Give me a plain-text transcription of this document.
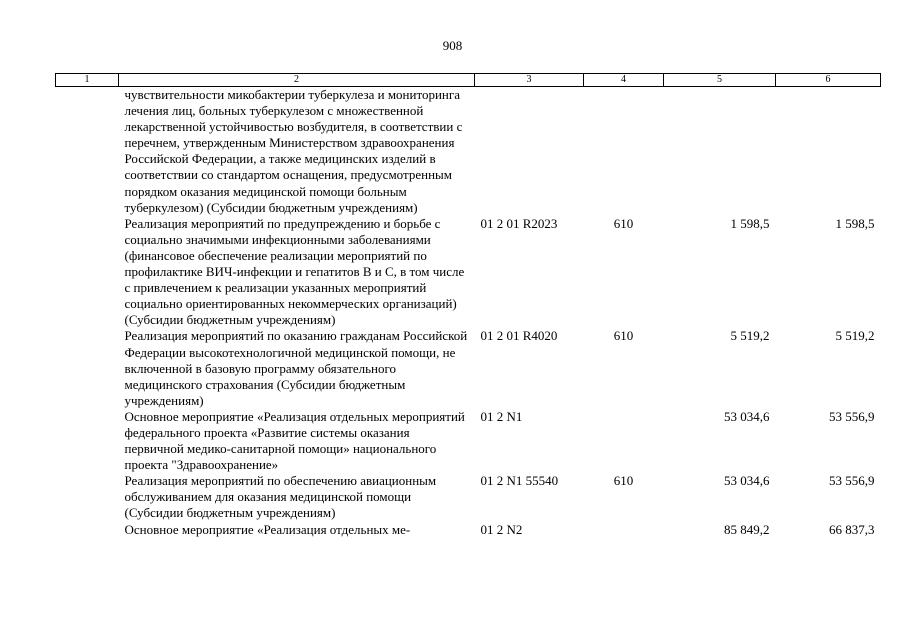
908
1	2	3	4	5	6
	чувствительности микобактерии туберкулеза и мониторинга лечения лиц, больных туберкулезом с множественной лекарственной устойчивостью возбудителя, в соответствии с перечнем, утвержденным Министерством здравоохранения Российской Федерации, а также медицинских изделий в соответствии со стандартом оснащения, предусмотренным порядком оказания медицинской помощи больным туберкулезом) (Субсидии бюджетным учреждениям)				
	Реализация мероприятий по предупреждению и борьбе с социально значимыми инфекционными заболеваниями (финансовое обеспечение реализации мероприятий по профилактике ВИЧ-инфекции и гепатитов В и С, в том числе с привлечением к реализации указанных мероприятий социально ориентированных некоммерческих организаций) (Субсидии бюджетным учреждениям)	01 2 01 R2023	610	1 598,5	1 598,5
	Реализация мероприятий по оказанию гражданам Российской Федерации высокотехнологичной медицинской помощи, не включенной в базовую программу обязательного медицинского страхования (Субсидии бюджетным учреждениям)	01 2 01 R4020	610	5 519,2	5 519,2
	Основное мероприятие «Реализация отдельных мероприятий федерального проекта «Развитие системы оказания первичной медико-санитарной помощи» национального проекта "Здравоохранение»	01 2 N1		53 034,6	53 556,9
	Реализация мероприятий по обеспечению авиационным обслуживанием для оказания медицинской помощи (Субсидии бюджетным учреждениям)	01 2 N1 55540	610	53 034,6	53 556,9
	Основное мероприятие «Реализация отдельных ме-	01 2 N2		85 849,2	66 837,3
